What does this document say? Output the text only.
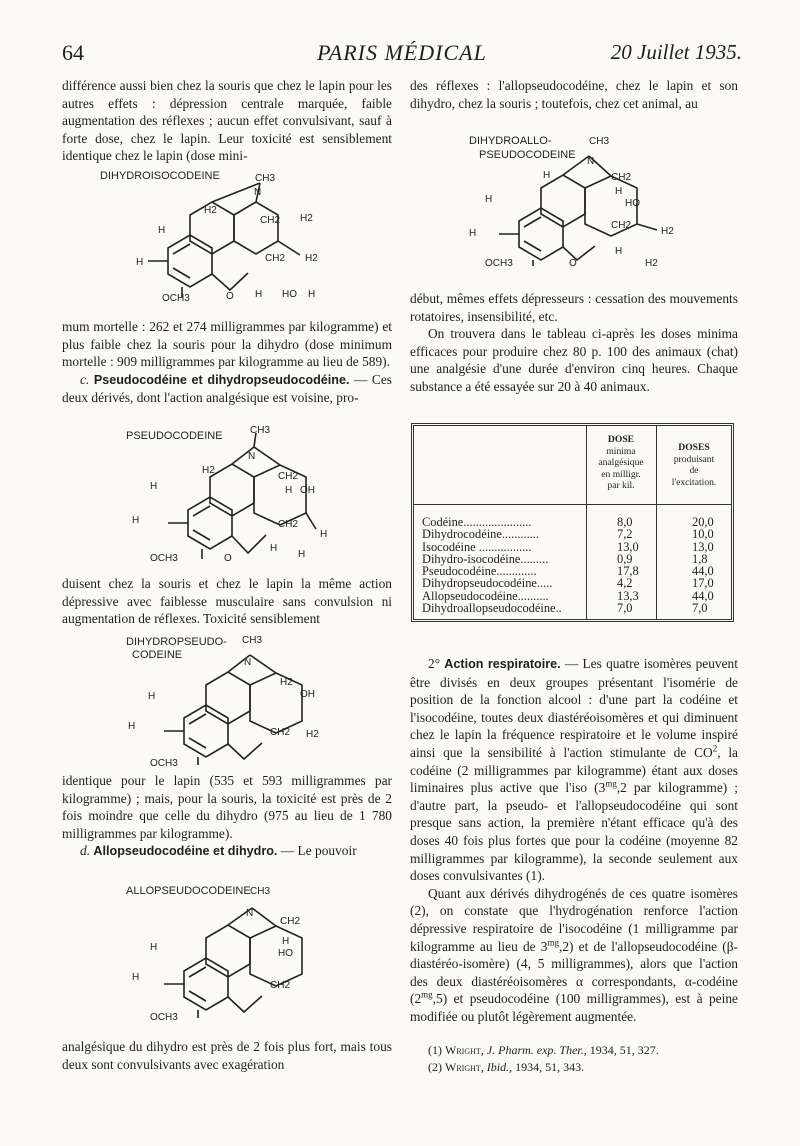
64	PARIS MÉDICAL	20 Juillet 1935.

différence aussi bien chez la souris que chez le lapin pour les autres effets : dépression centrale marquée, faible augmentation des réflexes ; aucun effet convulsivant, sauf à forte dose, chez le lapin. Leur toxicité est sensiblement identique chez le lapin (dose mini-

DIHYDROISOCODEINE	CH3
N
H2
CH2 H2
H
H	CH2 H2
OCH3	O H HO H

mum mortelle : 262 et 274 milligrammes par kilogramme) et plus faible chez la souris pour la dihydro (dose minimum mortelle : 909 milligrammes par kilogramme au lieu de 589).

c. Pseudocodéine et dihydropseudocodéine. — Ces deux dérivés, dont l'action analgésique est voisine, pro-

PSEUDOCODEINE	CH3
N
H2
CH2
H OH
H
H	CH2
H
OCH3	O
H
H

duisent chez la souris et chez le lapin la même action dépressive avec faiblesse musculaire sans convulsion ni augmentation de réflexes. Toxicité sensiblement

DIHYDROPSEUDO-
CODEINE
CH3
N
H2
OH
H
H
CH2 H2
OCH3

identique pour le lapin (535 et 593 milligrammes par kilogramme) ; mais, pour la souris, la toxicité est près de 2 fois moindre que celle du dihydro (975 au lieu de 1 780 milligrammes par kilogramme).

d. Allopseudocodéine et dihydro. — Le pouvoir

ALLOPSEUDOCODEINE CH3
N
CH2
H
HO
H
H
CH2
OCH3

analgésique du dihydro est près de 2 fois plus fort, mais tous deux sont convulsivants avec exagération

des réflexes : l'allopseudocodéine, chez le lapin et son dihydro, chez la souris ; toutefois, chez cet animal, au

DIHYDROALLO-
PSEUDOCODEINE
CH3
N
CH2
H
H
HO
H
H
CH2
H2
OCH3	O
H
H2

début, mêmes effets dépresseurs : cessation des mouvements rotatoires, insensibilité, etc.

On trouvera dans le tableau ci-après les doses minima efficaces pour produire chez 80 p. 100 des animaux (chat) une analgésie d'une durée d'environ cinq heures. Chaque substance a été essayée sur 20 à 40 animaux.

DOSE
minima
analgésique
en milligr.
par kil.
DOSES
produisant
de
l'excitation.
Codéine......................	8,0	20,0
Dihydrocodéine............	7,2	10,0
Isocodéine .................	13,0	13,0
Dihydro-isocodéine.........	0,9	1,8
Pseudocodéine.............	17,8	44,0
Dihydropseudocodéine.....	4,2	17,0
Allopseudocodéine..........	13,3	44,0
Dihydroallopseudocodéine..	7,0	7,0

2° Action respiratoire. — Les quatre isomères peuvent être divisés en deux groupes présentant l'isomérie de position de la fonction alcool : d'une part la codéine et l'isocodéine, toutes deux diastéréoisomères et qui diminuent chez le lapin la fréquence respiratoire et le volume inspiré ainsi que la sensibilité à l'action stimulante de $CO^2$, la codéine (2 milligrammes par kilogramme) étant aux doses liminaires plus active que l'iso ($3^{mg},2$ par kilogramme) ; d'autre part, la pseudo- et l'allopseudocodéine qui sont presque sans action, la première n'étant efficace qu'à des doses 40 fois plus fortes que pour la codéine (moyenne 82 milligrammes par kilogramme), la seconde seulement aux doses convulsivantes (1).

Quant aux dérivés dihydrogénés de ces quatre isomères (2), on constate que l'hydrogénation renforce l'action dépressive respiratoire de l'isocodéine (1 milligramme par kilogramme au lieu de $3^{mg},2$) et de l'allopseudocodéine (β-diastéréo-isomère) (4, 5 milligrammes), alors que l'action des deux diastéréoisomères α correspondants, α-codéine $(2^{mg},5)$ et pseudocodéine (100 milligrammes), est à peine modifiée ou plutôt légèrement augmentée.

(1) Wright, J. Pharm. exp. Ther., 1934, 51, 327.
(2) Wright, Ibid., 1934, 51, 343.
